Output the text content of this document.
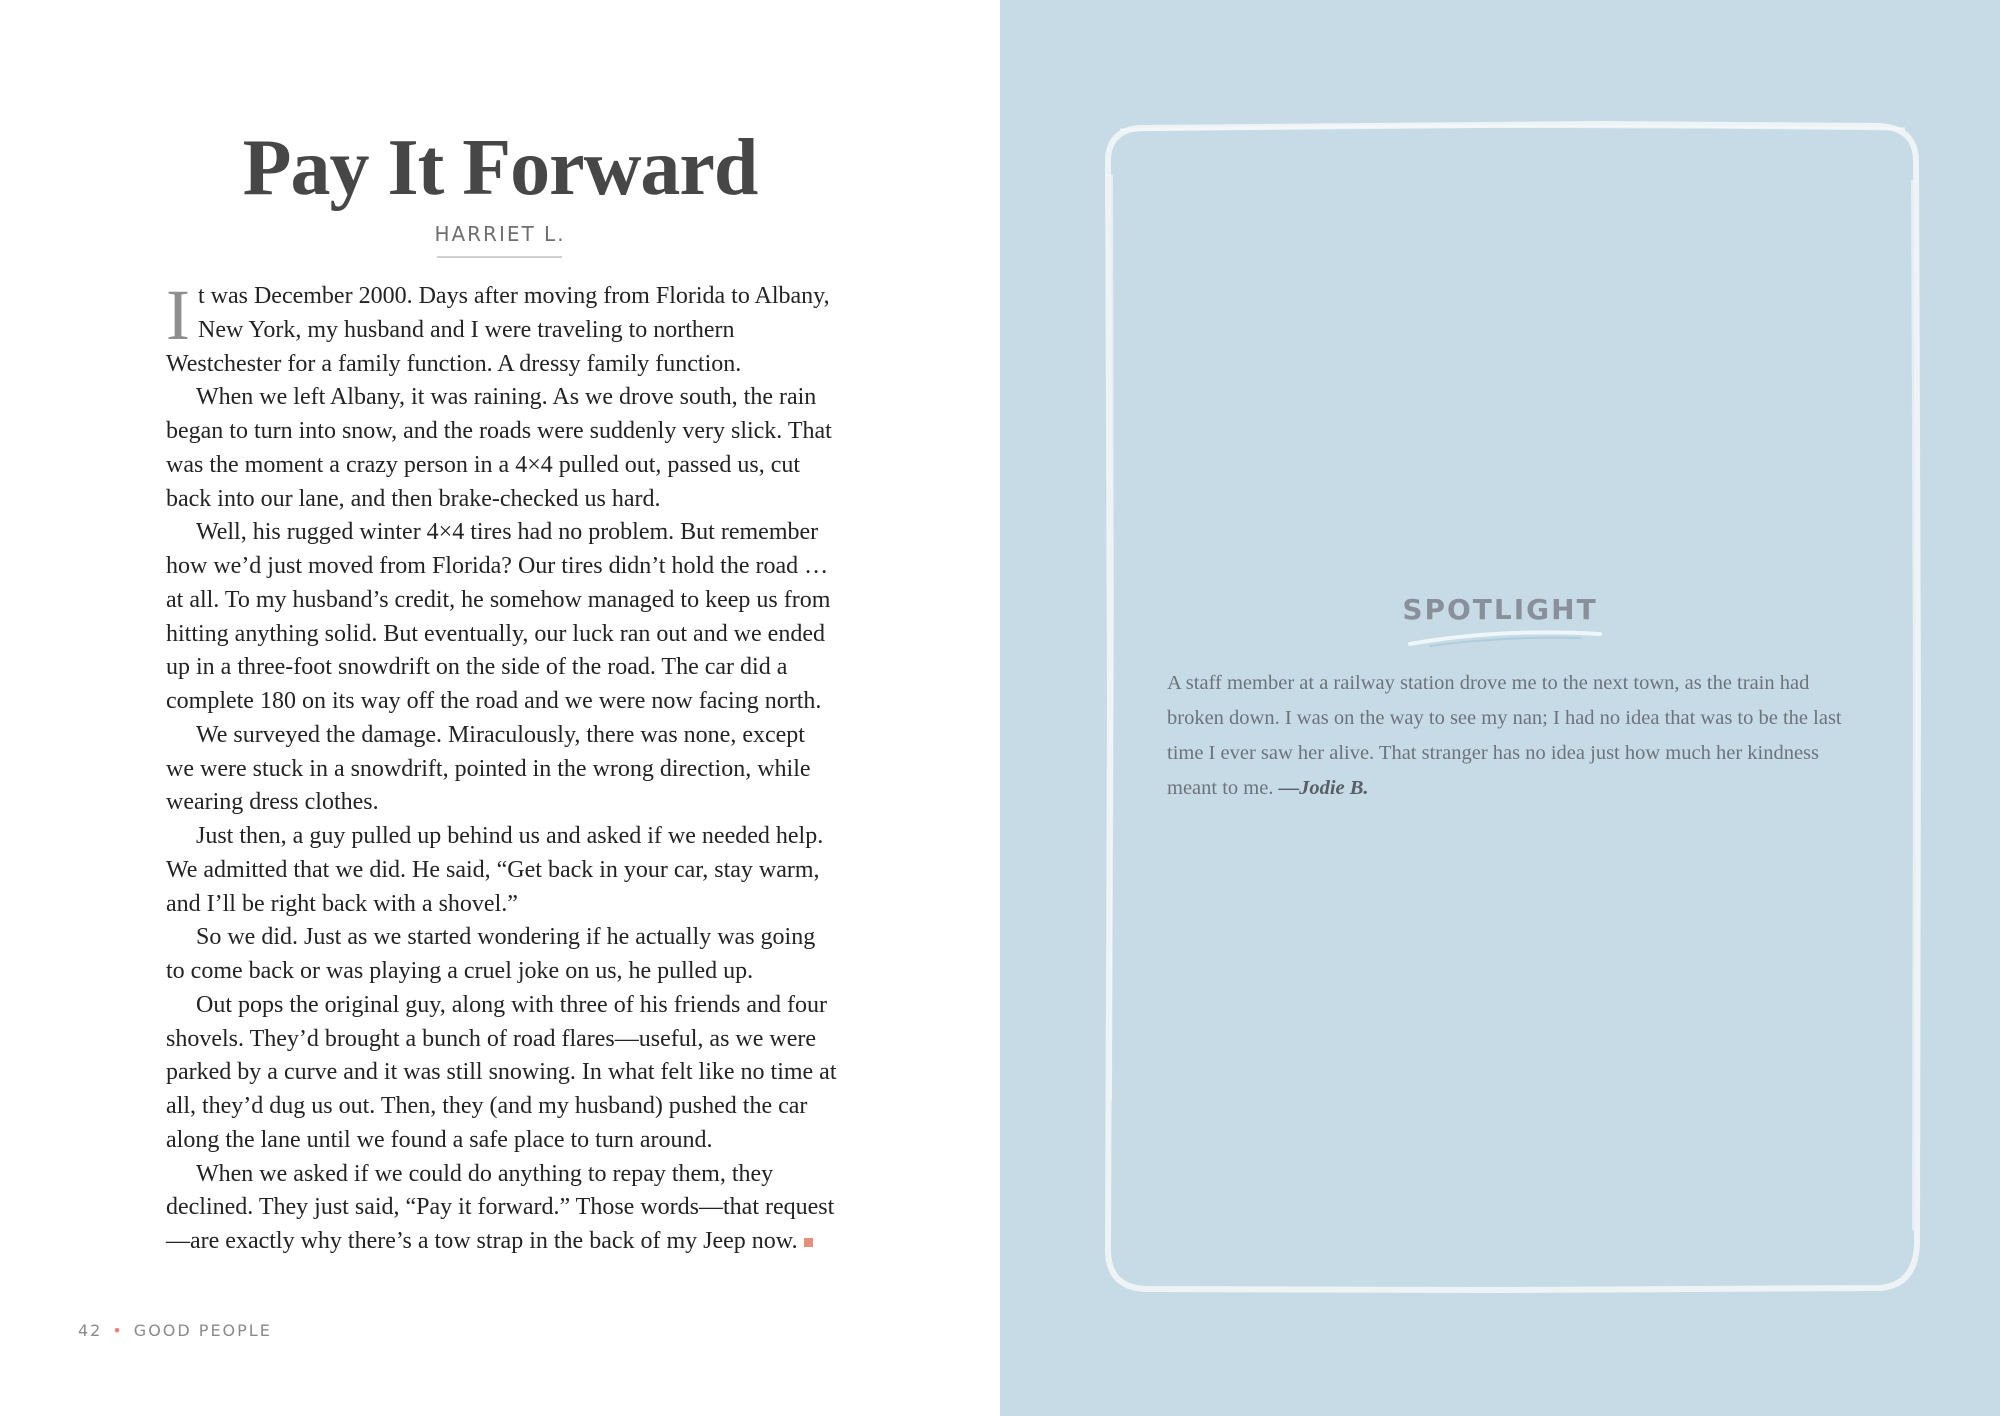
Pay It Forward
HARRIET L.

It was December 2000. Days after moving from Florida to Albany, New York, my husband and I were traveling to northern Westchester for a family function. A dressy family function.

When we left Albany, it was raining. As we drove south, the rain began to turn into snow, and the roads were suddenly very slick. That was the moment a crazy person in a 4×4 pulled out, passed us, cut back into our lane, and then brake-checked us hard.

Well, his rugged winter 4×4 tires had no problem. But remember how we’d just moved from Florida? Our tires didn’t hold the road … at all. To my husband’s credit, he somehow managed to keep us from hitting anything solid. But eventually, our luck ran out and we ended up in a three-foot snowdrift on the side of the road. The car did a complete 180 on its way off the road and we were now facing north.

We surveyed the damage. Miraculously, there was none, except we were stuck in a snowdrift, pointed in the wrong direction, while wearing dress clothes.

Just then, a guy pulled up behind us and asked if we needed help. We admitted that we did. He said, “Get back in your car, stay warm, and I’ll be right back with a shovel.”

So we did. Just as we started wondering if he actually was going to come back or was playing a cruel joke on us, he pulled up.

Out pops the original guy, along with three of his friends and four shovels. They’d brought a bunch of road flares—useful, as we were parked by a curve and it was still snowing. In what felt like no time at all, they’d dug us out. Then, they (and my husband) pushed the car along the lane until we found a safe place to turn around.

When we asked if we could do anything to repay them, they declined. They just said, “Pay it forward.” Those words—that request—are exactly why there’s a tow strap in the back of my Jeep now.

42 • GOOD PEOPLE
SPOTLIGHT
A staff member at a railway station drove me to the next town, as the train had broken down. I was on the way to see my nan; I had no idea that was to be the last time I ever saw her alive. That stranger has no idea just how much her kindness meant to me. —Jodie B.
